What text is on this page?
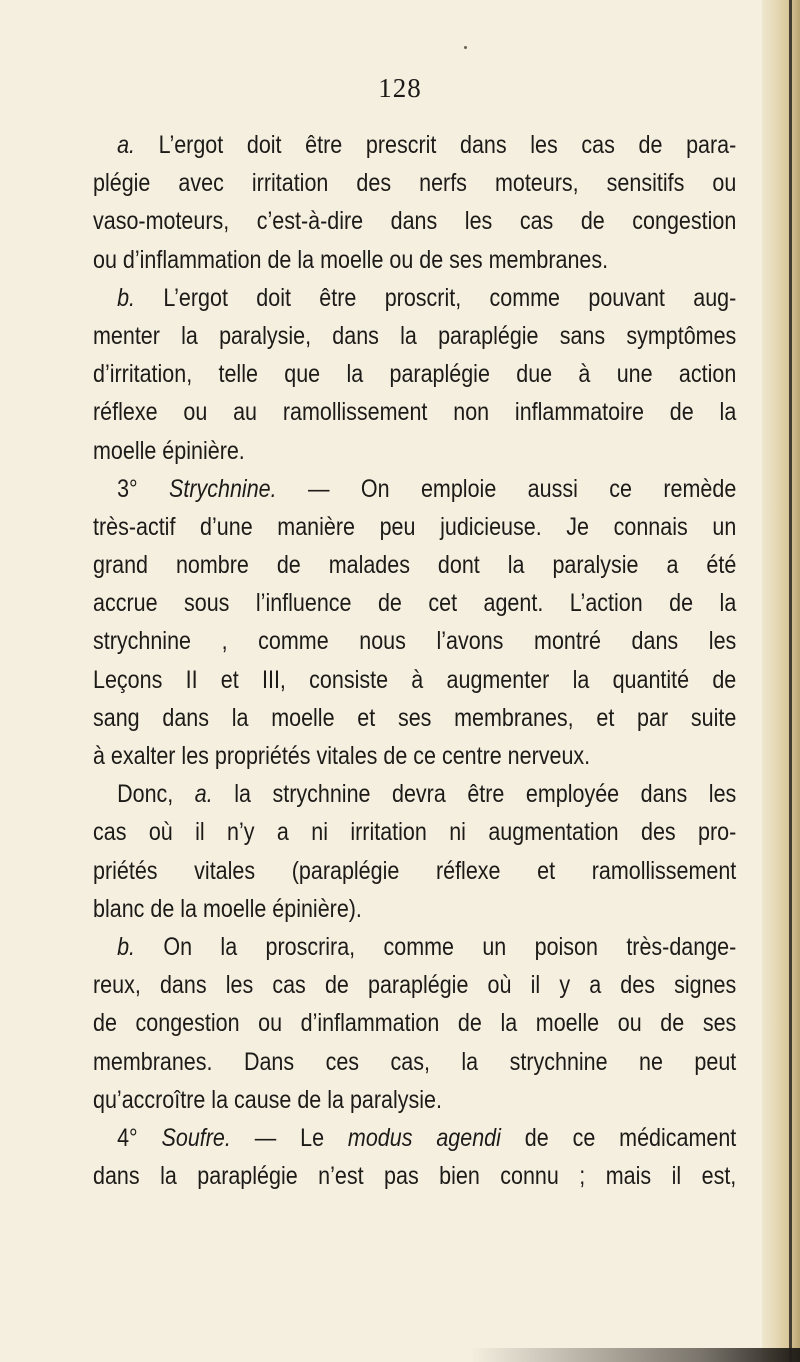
128
a. L’ergot doit être prescrit dans les cas de para-
plégie avec irritation des nerfs moteurs, sensitifs ou
vaso-moteurs, c’est-à-dire dans les cas de congestion
ou d’inflammation de la moelle ou de ses membranes.
b. L’ergot doit être proscrit, comme pouvant aug-
menter la paralysie, dans la paraplégie sans symptômes
d’irritation, telle que la paraplégie due à une action
réflexe ou au ramollissement non inflammatoire de la
moelle épinière.
3° Strychnine. — On emploie aussi ce remède
très-actif d’une manière peu judicieuse. Je connais un
grand nombre de malades dont la paralysie a été
accrue sous l’influence de cet agent. L’action de la
strychnine , comme nous l’avons montré dans les
Leçons II et III, consiste à augmenter la quantité de
sang dans la moelle et ses membranes, et par suite
à exalter les propriétés vitales de ce centre nerveux.
Donc, a. la strychnine devra être employée dans les
cas où il n’y a ni irritation ni augmentation des pro-
priétés vitales (paraplégie réflexe et ramollissement
blanc de la moelle épinière).
b. On la proscrira, comme un poison très-dange-
reux, dans les cas de paraplégie où il y a des signes
de congestion ou d’inflammation de la moelle ou de ses
membranes. Dans ces cas, la strychnine ne peut
qu’accroître la cause de la paralysie.
4° Soufre. — Le modus agendi de ce médicament
dans la paraplégie n’est pas bien connu ; mais il est,
